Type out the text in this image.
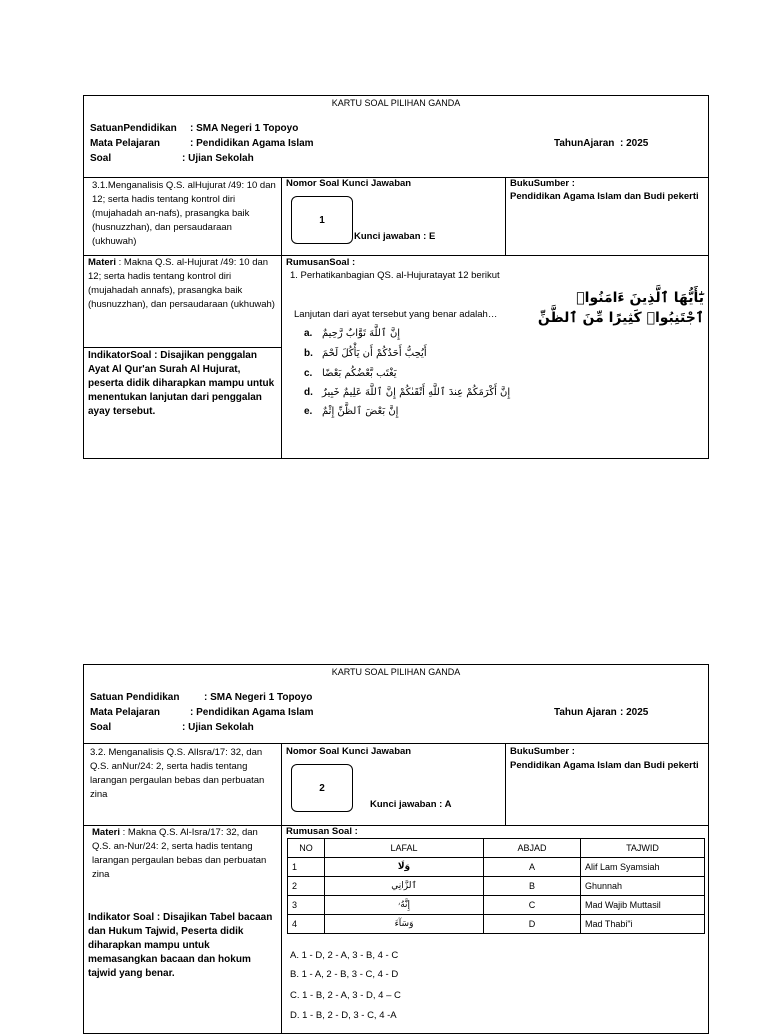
KARTU SOAL PILIHAN GANDA
SatuanPendidikan : SMA Negeri 1 Topoyo
Mata Pelajaran	: Pendidikan Agama Islam
Soal	: Ujian Sekolah
TahunAjaran : 2025
3.1.Menganalisis Q.S. alHujurat /49: 10 dan 12; serta hadis tentang kontrol diri (mujahadah an-nafs), prasangka baik (husnuzzhan), dan persaudaraan (ukhuwah)
Nomor Soal Kunci Jawaban
1
Kunci jawaban : E
BukuSumber :
Pendidikan Agama Islam dan Budi pekerti
Materi : Makna Q.S. al-Hujurat /49: 10 dan 12; serta hadis tentang kontrol diri (mujahadah annafs), prasangka baik (husnuzzhan), dan persaudaraan (ukhuwah)
IndikatorSoal : Disajikan penggalan Ayat Al Qur'an Surah Al Hujurat, peserta didik diharapkan mampu untuk menentukan lanjutan dari penggalan ayay tersebut.
RumusanSoal :
1. Perhatikanbagian QS. al-Hujuratayat 12 berikut
يَٰٓأَيُّهَا ٱلَّذِينَ ءَامَنُوا۟ ٱجْتَنِبُوا۟ كَثِيرًا مِّنَ ٱلظَّنِّ
Lanjutan dari ayat tersebut yang benar adalah…
a. إِنَّ ٱللَّهَ تَوَّابٌ رَّحِيمٌ
b. أَيُحِبُّ أَحَدُكُمْ أَن يَأْكُلَ لَحْمَ
c. يَغْتَب بَّعْضُكُم بَعْضًا
d. إِنَّ أَكْرَمَكُمْ عِندَ ٱللَّهِ أَتْقَىٰكُمْ إِنَّ ٱللَّهَ عَلِيمٌ خَبِيرٌ
e. إِنَّ بَعْضَ ٱلظَّنِّ إِثْمٌ
KARTU SOAL PILIHAN GANDA
Satuan Pendidikan : SMA Negeri 1 Topoyo
Mata Pelajaran	: Pendidikan Agama Islam
Soal	: Ujian Sekolah
Tahun Ajaran : 2025
3.2. Menganalisis Q.S. AlIsra/17: 32, dan Q.S. anNur/24: 2, serta hadis tentang larangan pergaulan bebas dan perbuatan zina
Nomor Soal Kunci Jawaban
2
Kunci jawaban : A
BukuSumber :
Pendidikan Agama Islam dan Budi pekerti
Materi : Makna Q.S. Al-Isra/17: 32, dan Q.S. an-Nur/24: 2, serta hadis tentang larangan pergaulan bebas dan perbuatan zina
Indikator Soal : Disajikan Tabel bacaan dan Hukum Tajwid, Peserta didik diharapkan mampu untuk memasangkan bacaan dan hokum tajwid yang benar.
Rumusan Soal :
NO	LAFAL	ABJAD	TAJWID
1	وَلَا	A	Alif Lam Syamsiah
2	ٱلزَّانِي	B	Ghunnah
3	إِنَّهُۥ	C	Mad Wajib Muttasil
4	وَسَآءَ	D	Mad Thabi"i
A. 1 - D, 2 - A, 3 - B, 4 - C
B. 1 - A, 2 - B, 3 - C, 4 - D
C. 1 - B, 2 - A, 3 - D, 4 – C
D. 1 - B, 2 - D, 3 - C, 4 -A
